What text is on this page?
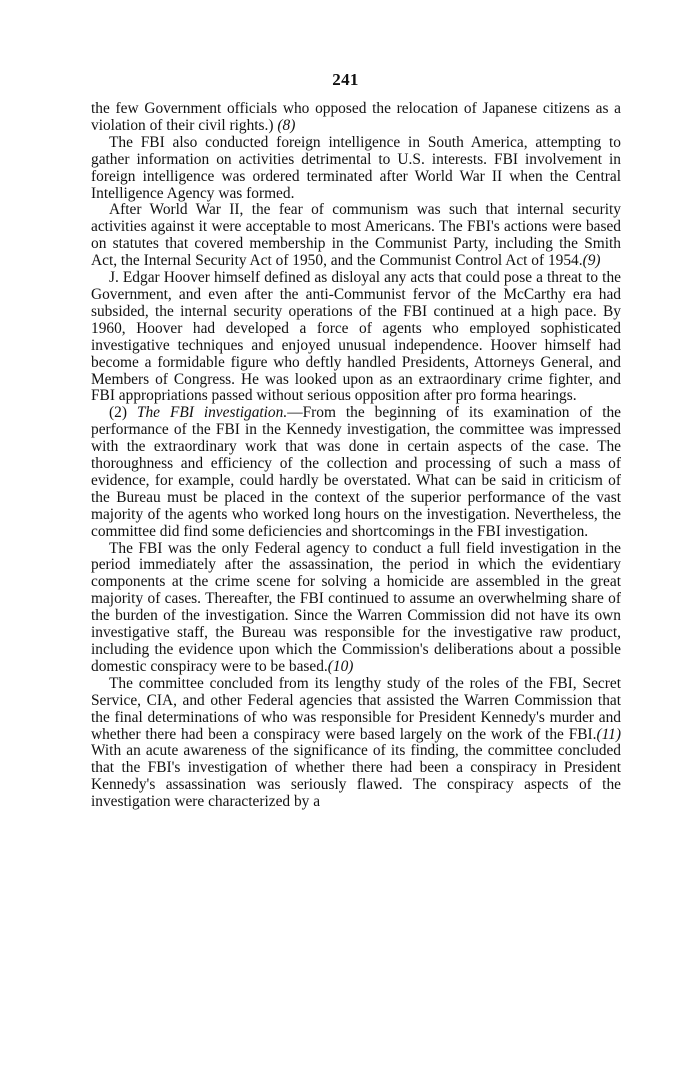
241

the few Government officials who opposed the relocation of Japanese citizens as a violation of their civil rights.) (8)

The FBI also conducted foreign intelligence in South America, attempting to gather information on activities detrimental to U.S. interests. FBI involvement in foreign intelligence was ordered terminated after World War II when the Central Intelligence Agency was formed.

After World War II, the fear of communism was such that internal security activities against it were acceptable to most Americans. The FBI's actions were based on statutes that covered membership in the Communist Party, including the Smith Act, the Internal Security Act of 1950, and the Communist Control Act of 1954.(9)

J. Edgar Hoover himself defined as disloyal any acts that could pose a threat to the Government, and even after the anti-Communist fervor of the McCarthy era had subsided, the internal security operations of the FBI continued at a high pace. By 1960, Hoover had developed a force of agents who employed sophisticated investigative techniques and enjoyed unusual independence. Hoover himself had become a formidable figure who deftly handled Presidents, Attorneys General, and Members of Congress. He was looked upon as an extraordinary crime fighter, and FBI appropriations passed without serious opposition after pro forma hearings.

(2) The FBI investigation.—From the beginning of its examination of the performance of the FBI in the Kennedy investigation, the committee was impressed with the extraordinary work that was done in certain aspects of the case. The thoroughness and efficiency of the collection and processing of such a mass of evidence, for example, could hardly be overstated. What can be said in criticism of the Bureau must be placed in the context of the superior performance of the vast majority of the agents who worked long hours on the investigation. Nevertheless, the committee did find some deficiencies and shortcomings in the FBI investigation.

The FBI was the only Federal agency to conduct a full field investigation in the period immediately after the assassination, the period in which the evidentiary components at the crime scene for solving a homicide are assembled in the great majority of cases. Thereafter, the FBI continued to assume an overwhelming share of the burden of the investigation. Since the Warren Commission did not have its own investigative staff, the Bureau was responsible for the investigative raw product, including the evidence upon which the Commission's deliberations about a possible domestic conspiracy were to be based.(10)

The committee concluded from its lengthy study of the roles of the FBI, Secret Service, CIA, and other Federal agencies that assisted the Warren Commission that the final determinations of who was responsible for President Kennedy's murder and whether there had been a conspiracy were based largely on the work of the FBI.(11) With an acute awareness of the significance of its finding, the committee concluded that the FBI's investigation of whether there had been a conspiracy in President Kennedy's assassination was seriously flawed. The conspiracy aspects of the investigation were characterized by a
